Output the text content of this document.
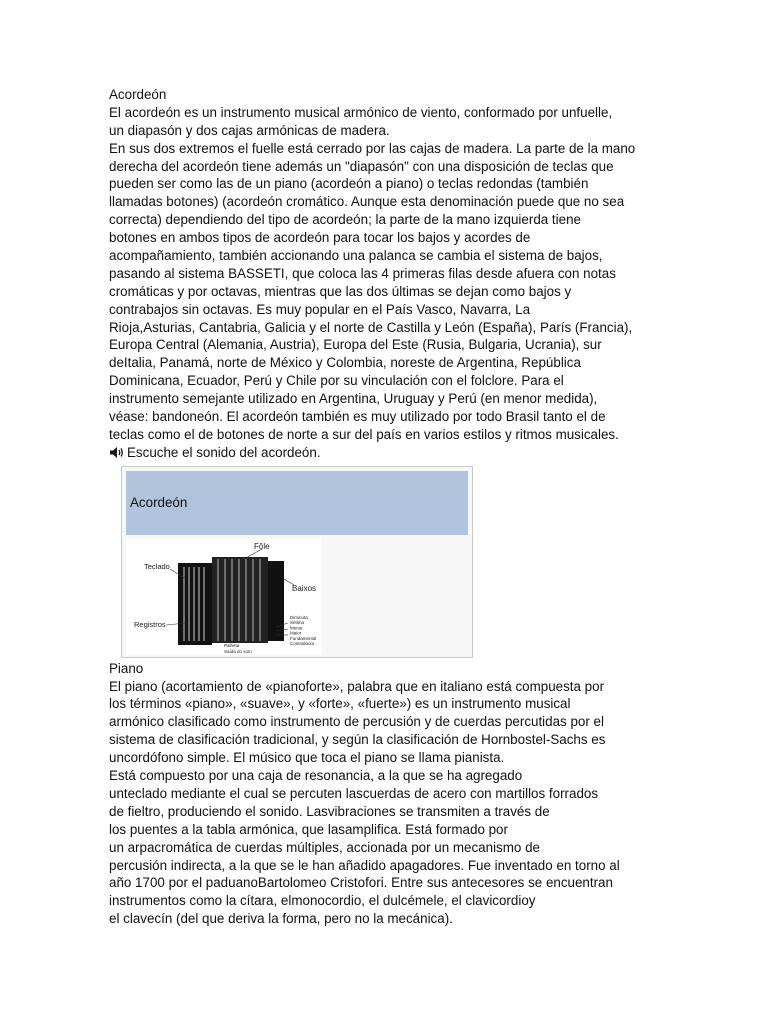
Acordeón
El acordeón es un instrumento musical armónico de viento, conformado por unfuelle,
un diapasón y dos cajas armónicas de madera.
En sus dos extremos el fuelle está cerrado por las cajas de madera. La parte de la mano
derecha del acordeón tiene además un "diapasón" con una disposición de teclas que
pueden ser como las de un piano (acordeón a piano) o teclas redondas (también
llamadas botones) (acordeón cromático. Aunque esta denominación puede que no sea
correcta) dependiendo del tipo de acordeón; la parte de la mano izquierda tiene
botones en ambos tipos de acordeón para tocar los bajos y acordes de
acompañamiento, también accionando una palanca se cambia el sistema de bajos,
pasando al sistema BASSETI, que coloca las 4 primeras filas desde afuera con notas
cromáticas y por octavas, mientras que las dos últimas se dejan como bajos y
contrabajos sin octavas. Es muy popular en el País Vasco, Navarra, La
Rioja,Asturias, Cantabria, Galicia y el norte de Castilla y León (España), París (Francia),
Europa Central (Alemania, Austria), Europa del Este (Rusia, Bulgaria, Ucrania), sur
deItalia, Panamá, norte de México y Colombia, noreste de Argentina, República
Dominicana, Ecuador, Perú y Chile por su vinculación con el folclore. Para el
instrumento semejante utilizado en Argentina, Uruguay y Perú (en menor medida),
véase: bandoneón. El acordeón también es muy utilizado por todo Brasil tanto el de
teclas como el de botones de norte a sur del país en varios estilos y ritmos musicales.
Escuche el sonido del acordeón.
Acordeón
Fôle
Teclado
Baixos
Registros
Palheta
Saída do som
Diminuta
Sétima
Menor
Maior
Fundamental
Contrabaixo
Piano
El piano (acortamiento de «pianoforte», palabra que en italiano está compuesta por
los términos «piano», «suave», y «forte», «fuerte») es un instrumento musical
armónico clasificado como instrumento de percusión y de cuerdas percutidas por el
sistema de clasificación tradicional, y según la clasificación de Hornbostel-Sachs es
uncordófono simple. El músico que toca el piano se llama pianista.
Está compuesto por una caja de resonancia, a la que se ha agregado
unteclado mediante el cual se percuten lascuerdas de acero con martillos forrados
de fieltro, produciendo el sonido. Lasvibraciones se transmiten a través de
los puentes a la tabla armónica, que lasamplifica. Está formado por
un arpacromática de cuerdas múltiples, accionada por un mecanismo de
percusión indirecta, a la que se le han añadido apagadores. Fue inventado en torno al
año 1700 por el paduanoBartolomeo Cristofori. Entre sus antecesores se encuentran
instrumentos como la cítara, elmonocordio, el dulcémele, el clavicordioy
el clavecín (del que deriva la forma, pero no la mecánica).
